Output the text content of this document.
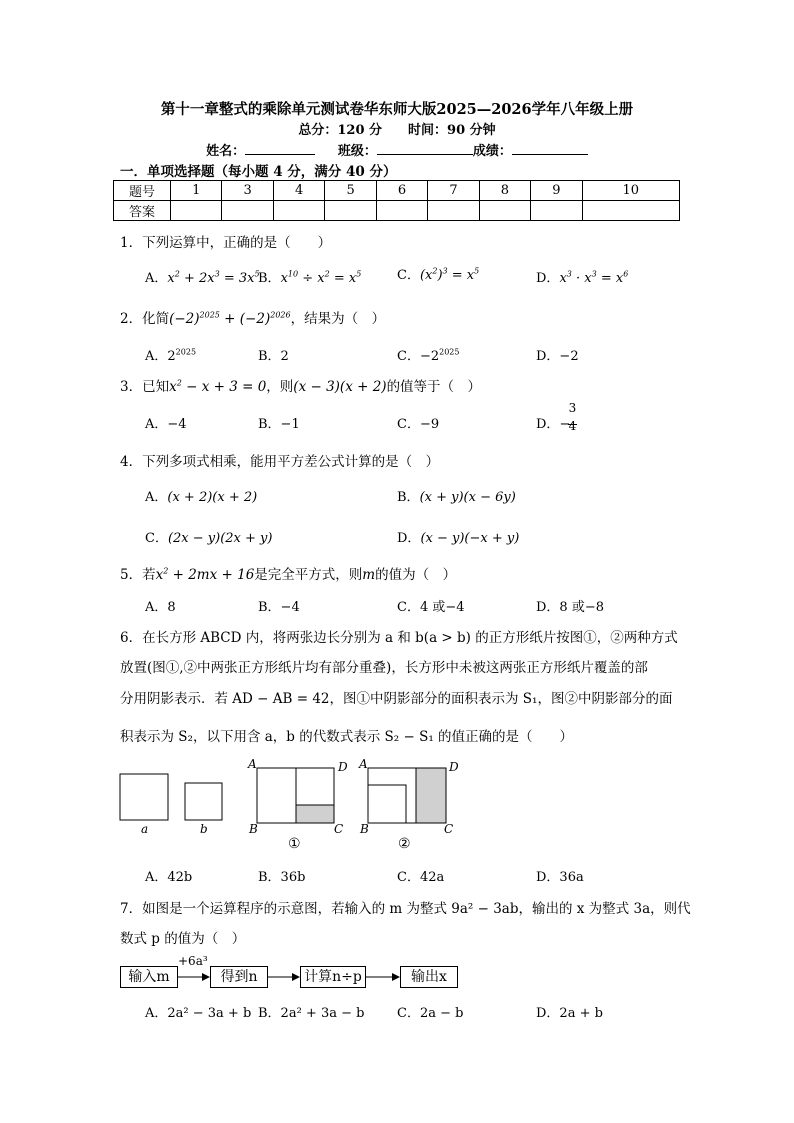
第十一章整式的乘除单元测试卷华东师大版2025—2026学年八年级上册
总分：120 分　　时间：90 分钟
姓名：	班级：	成绩：
一．单项选择题（每小题 4 分，满分 40 分）
题号	1	3	4	5	6	7	8	9	10
答案									
1．下列运算中，正确的是（　　）
A．$x^2 + 2x^3 = 3x^5$
B．$x^{10} \div x^2 = x^5$	C．$(x^2)^3 = x^5$	D．$x^3 \cdot x^3 = x^6$
2．化简$(-2)^{2025} + (-2)^{2026}$，结果为（　）
A．$2^{2025}$	B．2	C．$-2^{2025}$	D．−2
3．已知$x^2 - x + 3 = 0$，则(x − 3)(x + 2)的值等于（　）
A．−4	B．−1	C．−9	D．−
3

4
4．下列多项式相乘，能用平方差公式计算的是（　）
A．(x + 2)(x + 2)	B．(x + y)(x − 6y)
C．(2x − y)(2x + y)	D．(x − y)(−x + y)
5．若$x^2 + 2mx + 16$是完全平方式，则m的值为（　）
A．8	B．−4	C．4 或−4	D．8 或−8
6．在长方形 ABCD 内，将两张边长分别为 a 和 b(a > b) 的正方形纸片按图①，②两种方式
放置(图①,②中两张正方形纸片均有部分重叠)，长方形中未被这两张正方形纸片覆盖的部
分用阴影表示．若 AD − AB = 42，图①中阴影部分的面积表示为 S₁，图②中阴影部分的面
积表示为 S₂，以下用含 a，b 的代数式表示 S₂ − S₁ 的值正确的是（　　）
a	b
A	D
B	C
A	D
B	C
①	②
A．42b	B．36b	C．42a	D．36a
7．如图是一个运算程序的示意图，若输入的 m 为整式 9a² − 3ab，输出的 x 为整式 3a，则代
数式 p 的值为（　）
输入m	得到n	计算n÷p	输出x
+6a³
A．2a² − 3a + b B．2a² + 3a − b	C．2a − b	D．2a + b
